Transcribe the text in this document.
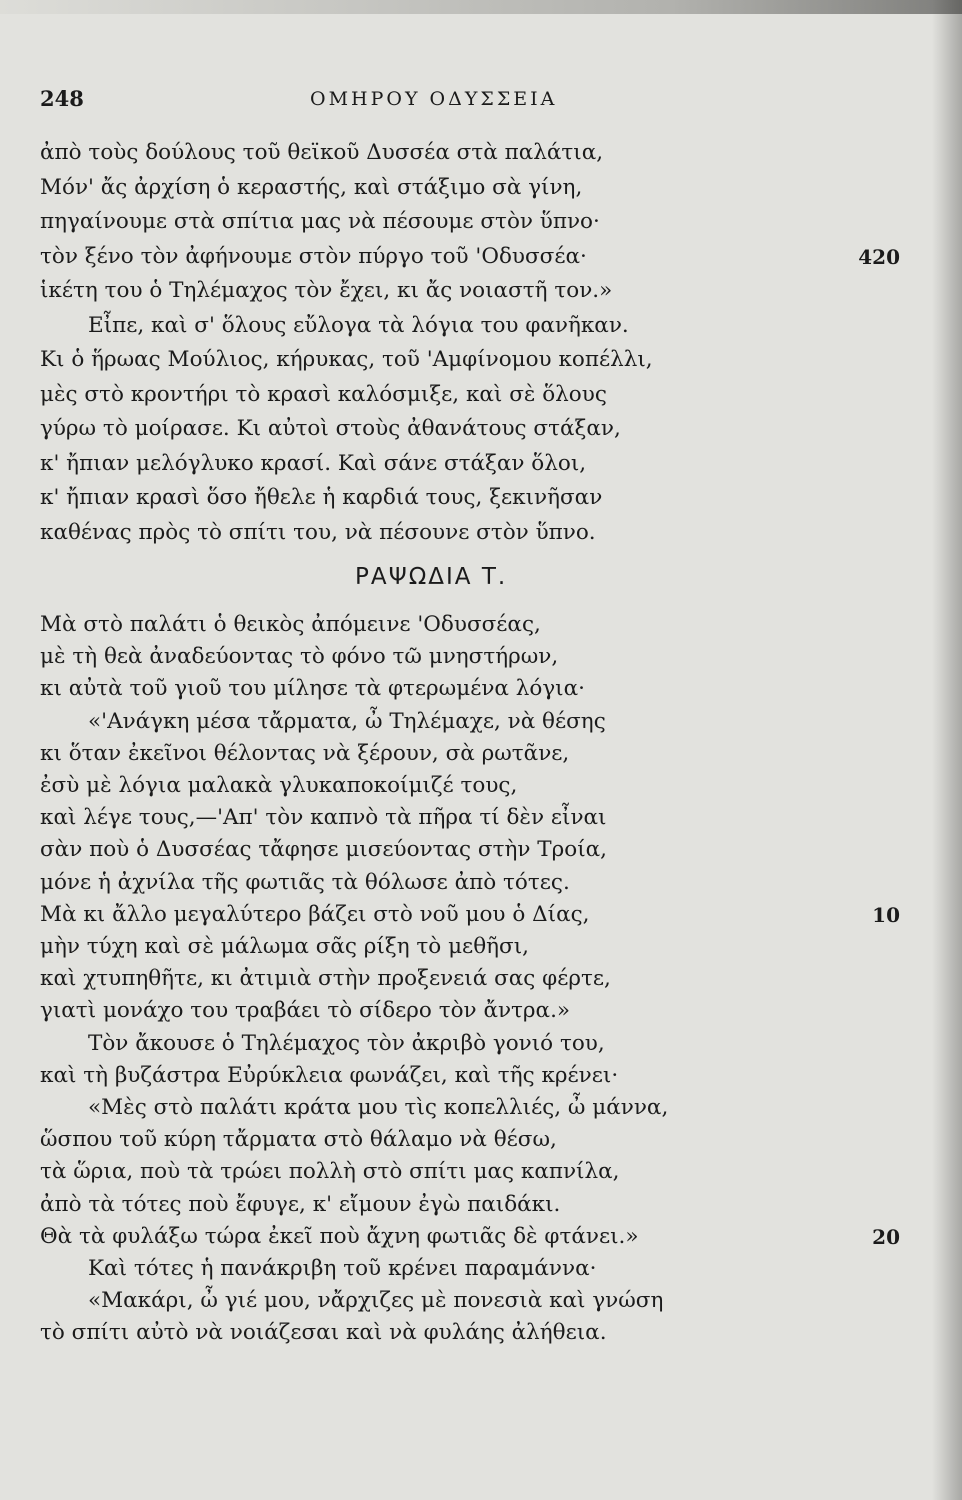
248	ΟΜΗΡΟΥ ΟΔΥΣΣΕΙΑ
ἀπὸ τοὺς δούλους τοῦ θεϊκοῦ Δυσσέα στὰ παλάτια,
Μόν' ἄς ἀρχίση ὁ κεραστής, καὶ στάξιμο σὰ γίνη,
πηγαίνουμε στὰ σπίτια μας νὰ πέσουμε στὸν ὕπνο·
τὸν ξένο τὸν ἀφήνουμε στὸν πύργο τοῦ 'Οδυσσέα·	420
ἱκέτη του ὁ Τηλέμαχος τὸν ἔχει, κι ἄς νοιαστῆ τον.»
Εἶπε, καὶ σ' ὅλους εὔλογα τὰ λόγια του φανῆκαν.
Κι ὁ ἥρωας Μούλιος, κήρυκας, τοῦ 'Αμφίνομου κοπέλλι,
μὲς στὸ κροντήρι τὸ κρασὶ καλόσμιξε, καὶ σὲ ὅλους
γύρω τὸ μοίρασε. Κι αὐτοὶ στοὺς ἀθανάτους στάξαν,
κ' ἤπιαν μελόγλυκο κρασί. Καὶ σάνε στάξαν ὅλοι,
κ' ἤπιαν κρασὶ ὅσο ἤθελε ἡ καρδιά τους, ξεκινῆσαν
καθένας πρὸς τὸ σπίτι του, νὰ πέσουνε στὸν ὕπνο.
ΡΑΨΩΔΙΑ Τ.
Μὰ στὸ παλάτι ὁ θεικὸς ἀπόμεινε 'Οδυσσέας,
μὲ τὴ θεὰ ἀναδεύοντας τὸ φόνο τῶ μνηστήρων,
κι αὐτὰ τοῦ γιοῦ του μίλησε τὰ φτερωμένα λόγια·
«'Ανάγκη μέσα τἄρματα, ὦ Τηλέμαχε, νὰ θέσης
κι ὅταν ἐκεῖνοι θέλοντας νὰ ξέρουν, σὰ ρωτᾶνε,
ἐσὺ μὲ λόγια μαλακὰ γλυκαποκοίμιζέ τους,
καὶ λέγε τους,—'Απ' τὸν καπνὸ τὰ πῆρα τί δὲν εἶναι
σὰν ποὺ ὁ Δυσσέας τἄφησε μισεύοντας στὴν Τροία,
μόνε ἡ ἀχνίλα τῆς φωτιᾶς τὰ θόλωσε ἀπὸ τότες.
Μὰ κι ἄλλο μεγαλύτερο βάζει στὸ νοῦ μου ὁ Δίας,	10
μὴν τύχη καὶ σὲ μάλωμα σᾶς ρίξη τὸ μεθῆσι,
καὶ χτυπηθῆτε, κι ἀτιμιὰ στὴν προξενειά σας φέρτε,
γιατὶ μονάχο του τραβάει τὸ σίδερο τὸν ἄντρα.»
Τὸν ἄκουσε ὁ Τηλέμαχος τὸν ἀκριβὸ γονιό του,
καὶ τὴ βυζάστρα Εὐρύκλεια φωνάζει, καὶ τῆς κρένει·
«Μὲς στὸ παλάτι κράτα μου τὶς κοπελλιές, ὦ μάννα,
ὥσπου τοῦ κύρη τἄρματα στὸ θάλαμο νὰ θέσω,
τὰ ὥρια, ποὺ τὰ τρώει πολλὴ στὸ σπίτι μας καπνίλα,
ἀπὸ τὰ τότες ποὺ ἔφυγε, κ' εἴμουν ἐγὼ παιδάκι.
Θὰ τὰ φυλάξω τώρα ἐκεῖ ποὺ ἄχνη φωτιᾶς δὲ φτάνει.»	20
Καὶ τότες ἡ πανάκριβη τοῦ κρένει παραμάννα·
«Μακάρι, ὦ γιέ μου, νἄρχιζες μὲ πονεσιὰ καὶ γνώση
τὸ σπίτι αὐτὸ νὰ νοιάζεσαι καὶ νὰ φυλάης ἀλήθεια.
